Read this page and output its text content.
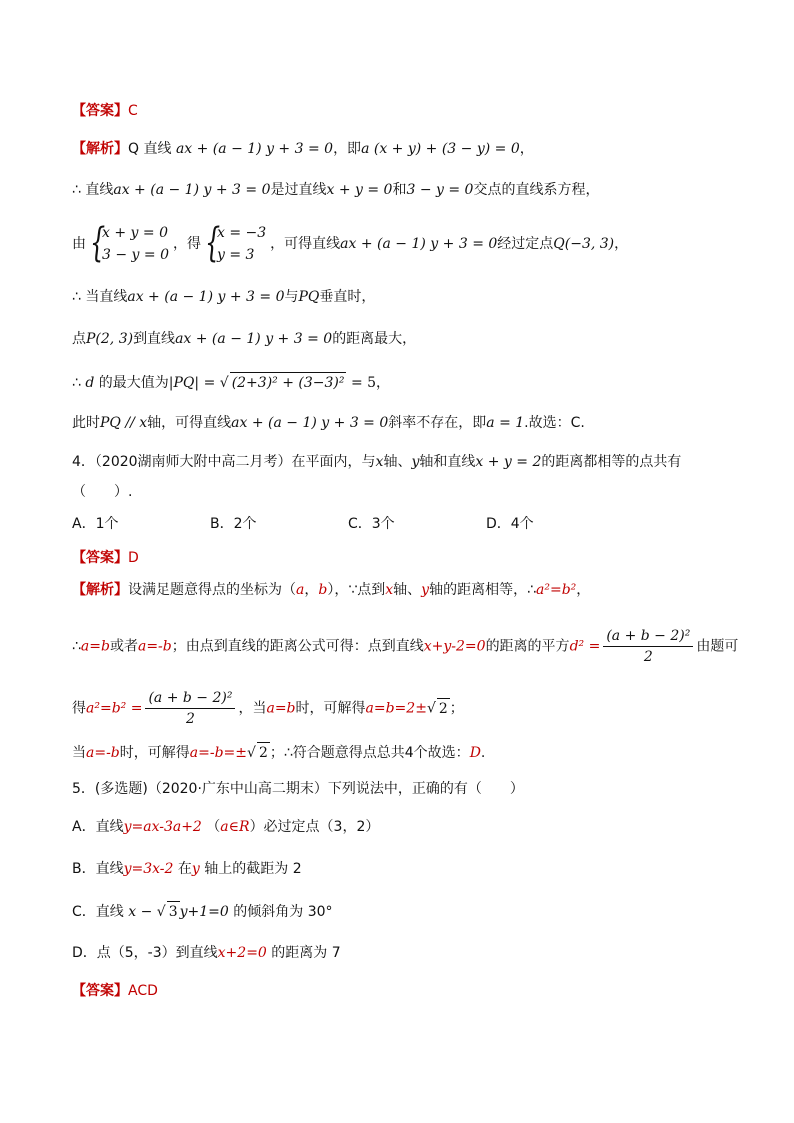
【答案】C
【解析】Q 直线 ax + (a − 1) y + 3 = 0，即a (x + y) + (3 − y) = 0，
∴ 直线ax + (a − 1) y + 3 = 0是过直线x + y = 0和3 − y = 0交点的直线系方程，
由 {
x + y = 0
3 − y = 0
，得 {
x = −3
y = 3
，可得直线ax + (a − 1) y + 3 = 0经过定点Q(−3, 3)，
∴ 当直线ax + (a − 1) y + 3 = 0与PQ垂直时，
点P(2, 3)到直线ax + (a − 1) y + 3 = 0的距离最大，
∴ d 的最大值为|PQ| = √ (2+3)² + (3−3)² = 5，
此时PQ // x轴，可得直线ax + (a − 1) y + 3 = 0斜率不存在，即a = 1.故选：C.
4．（2020湖南师大附中高二月考）在平面内，与x轴、y轴和直线x + y = 2的距离都相等的点共有
（　　）.
A．1个	B．2个	C．3个	D．4个
【答案】D
【解析】设满足题意得点的坐标为（a，b），∵点到x轴、y轴的距离相等，∴a²=b²，
∴a=b或者a=-b；由点到直线的距离公式可得：点到直线x+y-2=0的距离的平方$d^2 = \frac{\text{(a + b − 2)²}}{2}$ 由题可
得$a^2=b^2 = \frac{\text{(a + b − 2)²}}{2}$ ，当a=b时，可解得a=b=2±√ 2 ；
当a=-b时，可解得a=-b=±√ 2 ；∴符合题意得点总共4个故选：D.
5．(多选题)（2020·广东中山高二期末）下列说法中，正确的有（　　）
A．直线y=ax-3a+2 （a∈R）必过定点（3，2）
B．直线y=3x-2 在y 轴上的截距为 2
C．直线 x − √ 3 y+1=0 的倾斜角为 30°
D．点（5，-3）到直线x+2=0 的距离为 7
【答案】ACD
